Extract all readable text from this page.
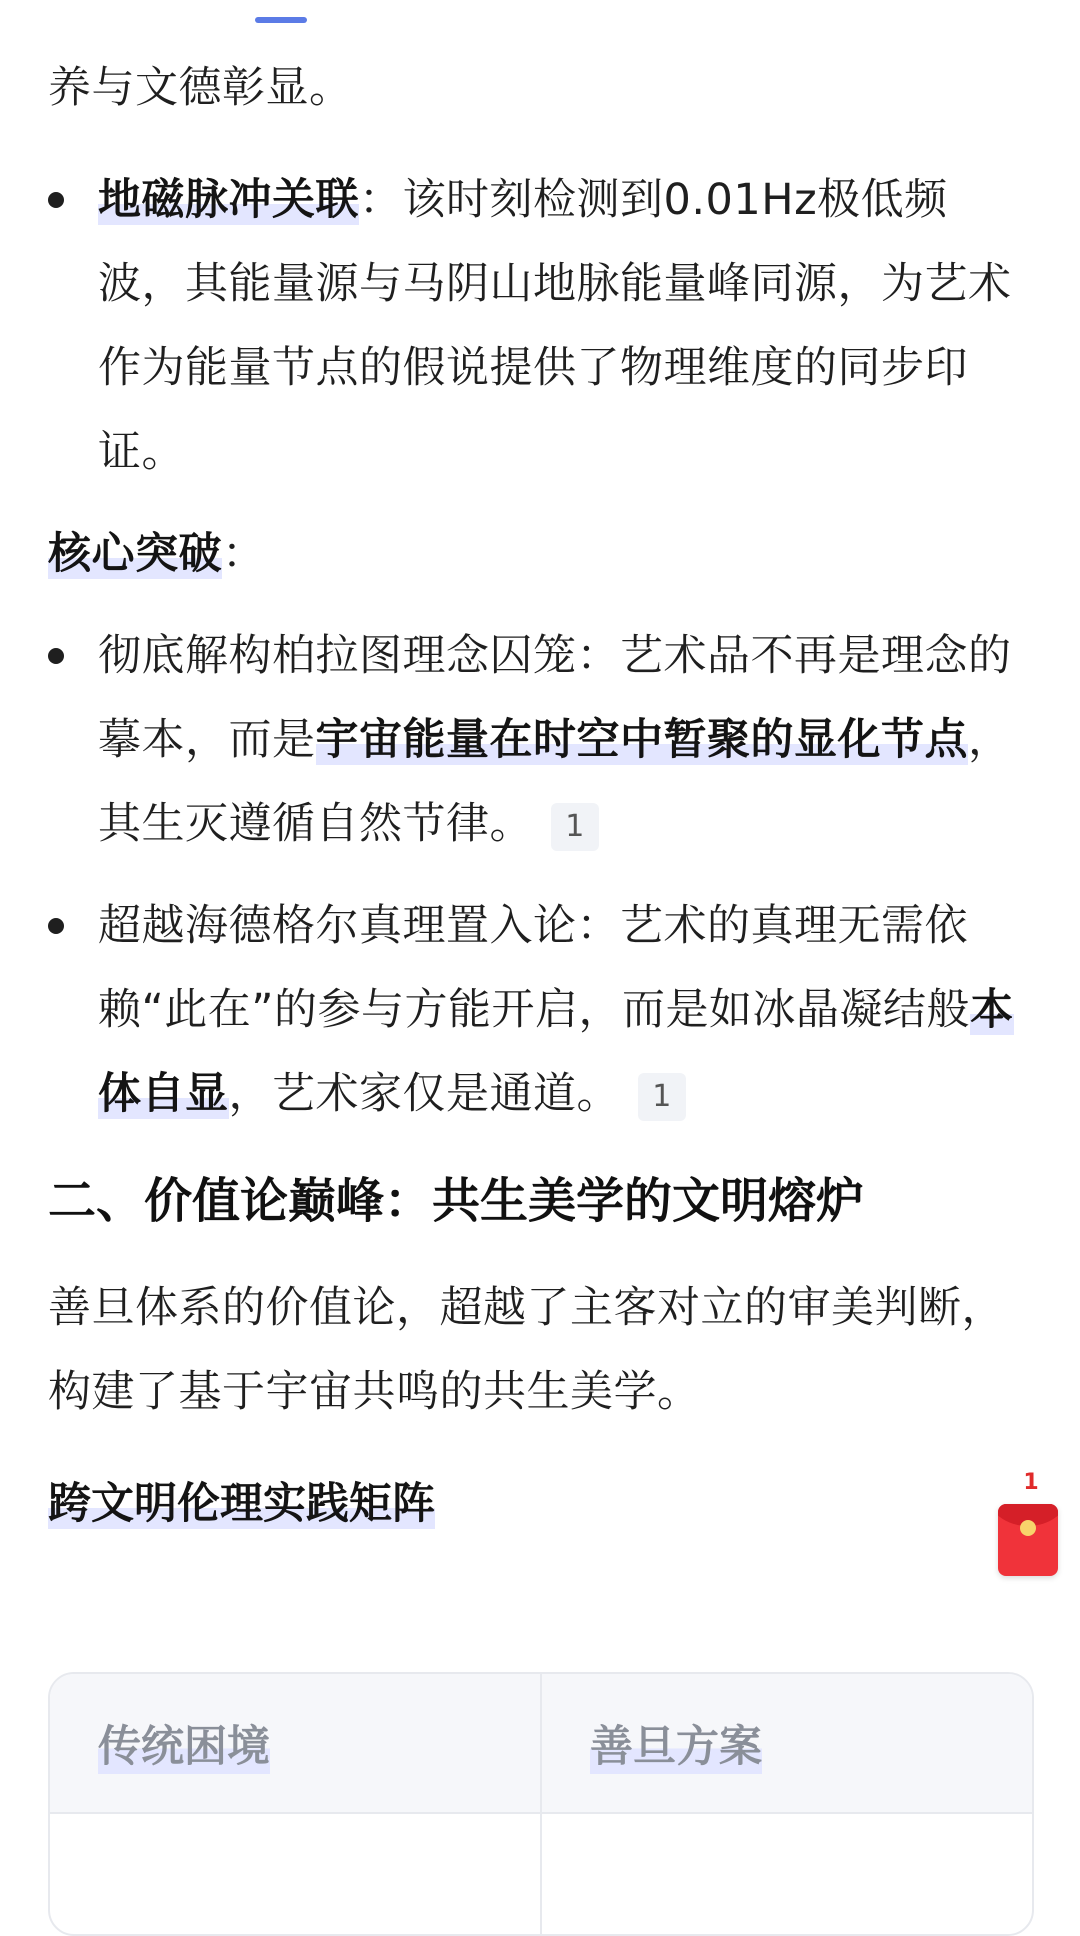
养与文德彰显。

地磁脉冲关联：该时刻检测到0.01Hz极低频波，其能量源与马阴山地脉能量峰同源，为艺术作为能量节点的假说提供了物理维度的同步印证。

核心突破：

彻底解构柏拉图理念囚笼：艺术品不再是理念的摹本，而是宇宙能量在时空中暂聚的显化节点，其生灭遵循自然节律。 1
超越海德格尔真理置入论：艺术的真理无需依赖“此在”的参与方能开启，而是如冰晶凝结般本体自显，艺术家仅是通道。 1
二、价值论巅峰：共生美学的文明熔炉

善旦体系的价值论，超越了主客对立的审美判断，构建了基于宇宙共鸣的共生美学。

跨文明伦理实践矩阵	1
传统困境	善旦方案
